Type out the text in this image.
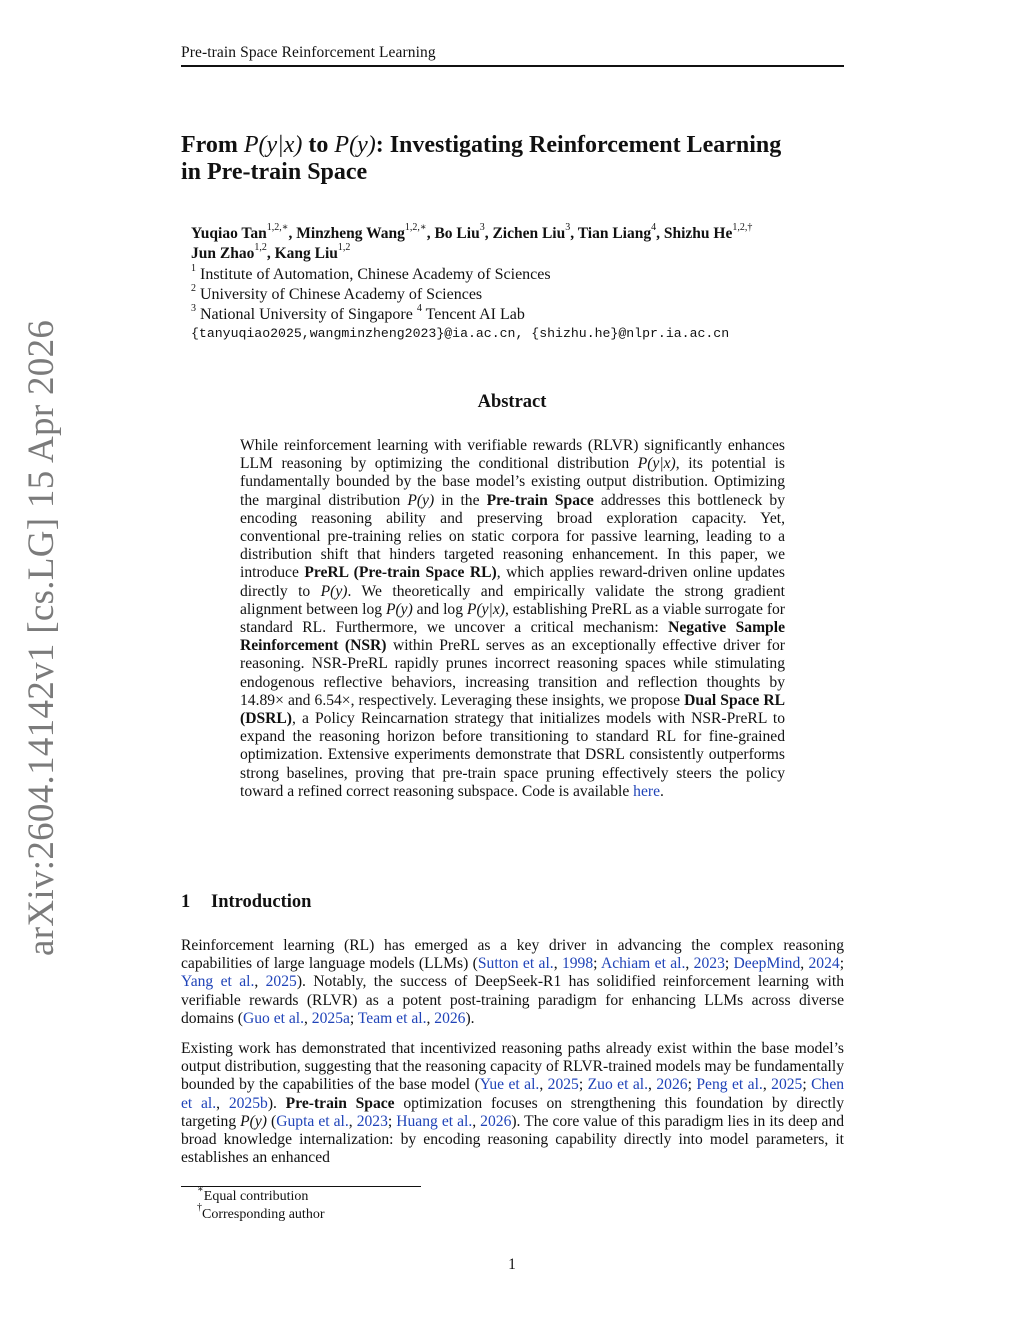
Pre-train Space Reinforcement Learning
From P(y|x) to P(y): Investigating Reinforcement Learning
in Pre-train Space
Yuqiao Tan$^{1,2,∗}$, Minzheng Wang$^{1,2,∗}$, Bo Liu$^3$, Zichen Liu$^3$, Tian Liang$^4$, Shizhu $He^{1,2,\dagger}$
Jun Zhao$^{1,2}$, Kang Liu$^{1,2}$
$^1$ Institute of Automation, Chinese Academy of Sciences
$^2$ University of Chinese Academy of Sciences
$^3$ National University of Singapore $^4$ Tencent AI Lab
{tanyuqiao2025,wangminzheng2023}@ia.ac.cn, {shizhu.he}@nlpr.ia.ac.cn
arXiv:2604.14142v1 [cs.LG] 15 Apr 2026	Abstract
While reinforcement learning with verifiable rewards (RLVR) significantly enhances LLM reasoning by optimizing the conditional distribution P(y|x), its potential is fundamentally bounded by the base model’s existing output distribution. Optimizing the marginal distribution P(y) in the Pre-train Space addresses this bottleneck by encoding reasoning ability and preserving broad exploration capacity. Yet, conventional pre-training relies on static corpora for passive learning, leading to a distribution shift that hinders targeted reasoning enhancement. In this paper, we introduce PreRL (Pre-train Space RL), which applies reward-driven online updates directly to P(y). We theoretically and empirically validate the strong gradient alignment between log P(y) and log P(y|x), establishing PreRL as a viable surrogate for standard RL. Furthermore, we uncover a critical mechanism: Negative Sample Reinforcement (NSR) within PreRL serves as an exceptionally effective driver for reasoning. NSR-PreRL rapidly prunes incorrect reasoning spaces while stimulating endogenous reflective behaviors, increasing transition and reflection thoughts by 14.89× and 6.54×, respectively. Leveraging these insights, we propose Dual Space RL (DSRL), a Policy Reincarnation strategy that initializes models with NSR-PreRL to expand the reasoning horizon before transitioning to standard RL for fine-grained optimization. Extensive experiments demonstrate that DSRL consistently outperforms strong baselines, proving that pre-train space pruning effectively steers the policy toward a refined correct reasoning subspace. Code is available here.
1 Introduction
Reinforcement learning (RL) has emerged as a key driver in advancing the complex reasoning capabilities of large language models (LLMs) (Sutton et al., 1998; Achiam et al., 2023; DeepMind, 2024; Yang et al., 2025). Notably, the success of DeepSeek-R1 has solidified reinforcement learning with verifiable rewards (RLVR) as a potent post-training paradigm for enhancing LLMs across diverse domains (Guo et al., 2025a; Team et al., 2026).
Existing work has demonstrated that incentivized reasoning paths already exist within the base model’s output distribution, suggesting that the reasoning capacity of RLVR-trained models may be fundamentally bounded by the capabilities of the base model (Yue et al., 2025; Zuo et al., 2026; Peng et al., 2025; Chen et al., 2025b). Pre-train Space optimization focuses on strengthening this foundation by directly targeting P(y) (Gupta et al., 2023; Huang et al., 2026). The core value of this paradigm lies in its deep and broad knowledge internalization: by encoding reasoning capability directly into model parameters, it establishes an enhanced
∗Equal contribution
†Corresponding author
1
